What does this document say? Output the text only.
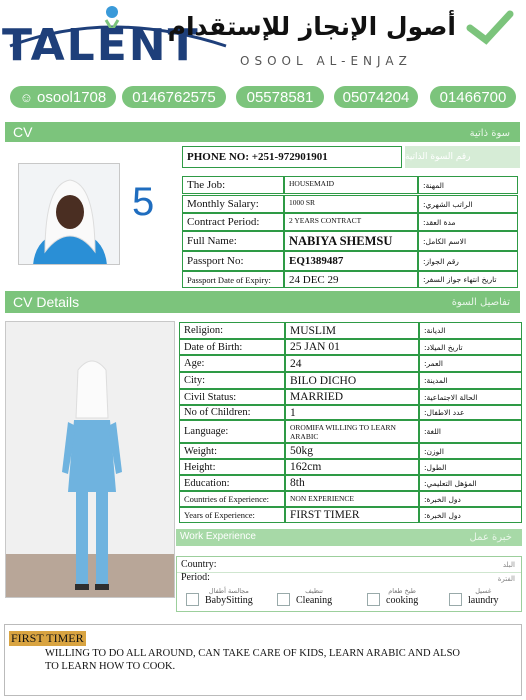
TALENT
أصول الإنجاز للإستقدام
OSOOL AL-ENJAZ
☺ osool1708 0146762575 05578581 05074204 01466700
CV	سوة ذاتية
PHONE NO:
+251-972901901	رقم السوة الذاتية
5	The Job:	HOUSEMAID	المهنة:
Monthly Salary:	1000 SR	الراتب الشهري:
Contract Period:	2 YEARS CONTRACT	مدة العقد:
Full Name:	NABIYA SHEMSU	الاسم الكامل:
Passport No:	EQ1389487	رقم الجواز:
Passport Date of Expiry:	24 DEC 29	تاريخ انتهاء جواز السفر:
CV Details	تفاصيل السوة
Religion:	MUSLIM	الديانة:
Date of Birth:	25 JAN 01	تاريخ الميلاد:
Age:	24	العمر:
City:	BILO DICHO	المدينة:
Civil Status:	MARRIED	الحالة الاجتماعية:
No of Children:	1	عدد الاطفال:
Language:	OROMIFA WILLING TO LEARN ARABIC	اللغة:
Weight:	50kg	الوزن:
Height:	162cm	الطول:
Education:	8th	المؤهل التعليمي:
Countries of Experience:	NON EXPERIENCE	دول الخبرة:
Years of Experience:	FIRST TIMER	دول الخبرة:
Work Experience	خبرة عمل
Country:	البلد
Period:	الفترة
مجالسة أطفال
BabySitting
تنظيف
Cleaning
طبخ طعام
cooking
غسيل
laundry
FIRST TIMER
WILLING TO DO ALL AROUND, CAN TAKE CARE OF KIDS, LEARN ARABIC AND ALSO TO LEARN HOW TO COOK.
